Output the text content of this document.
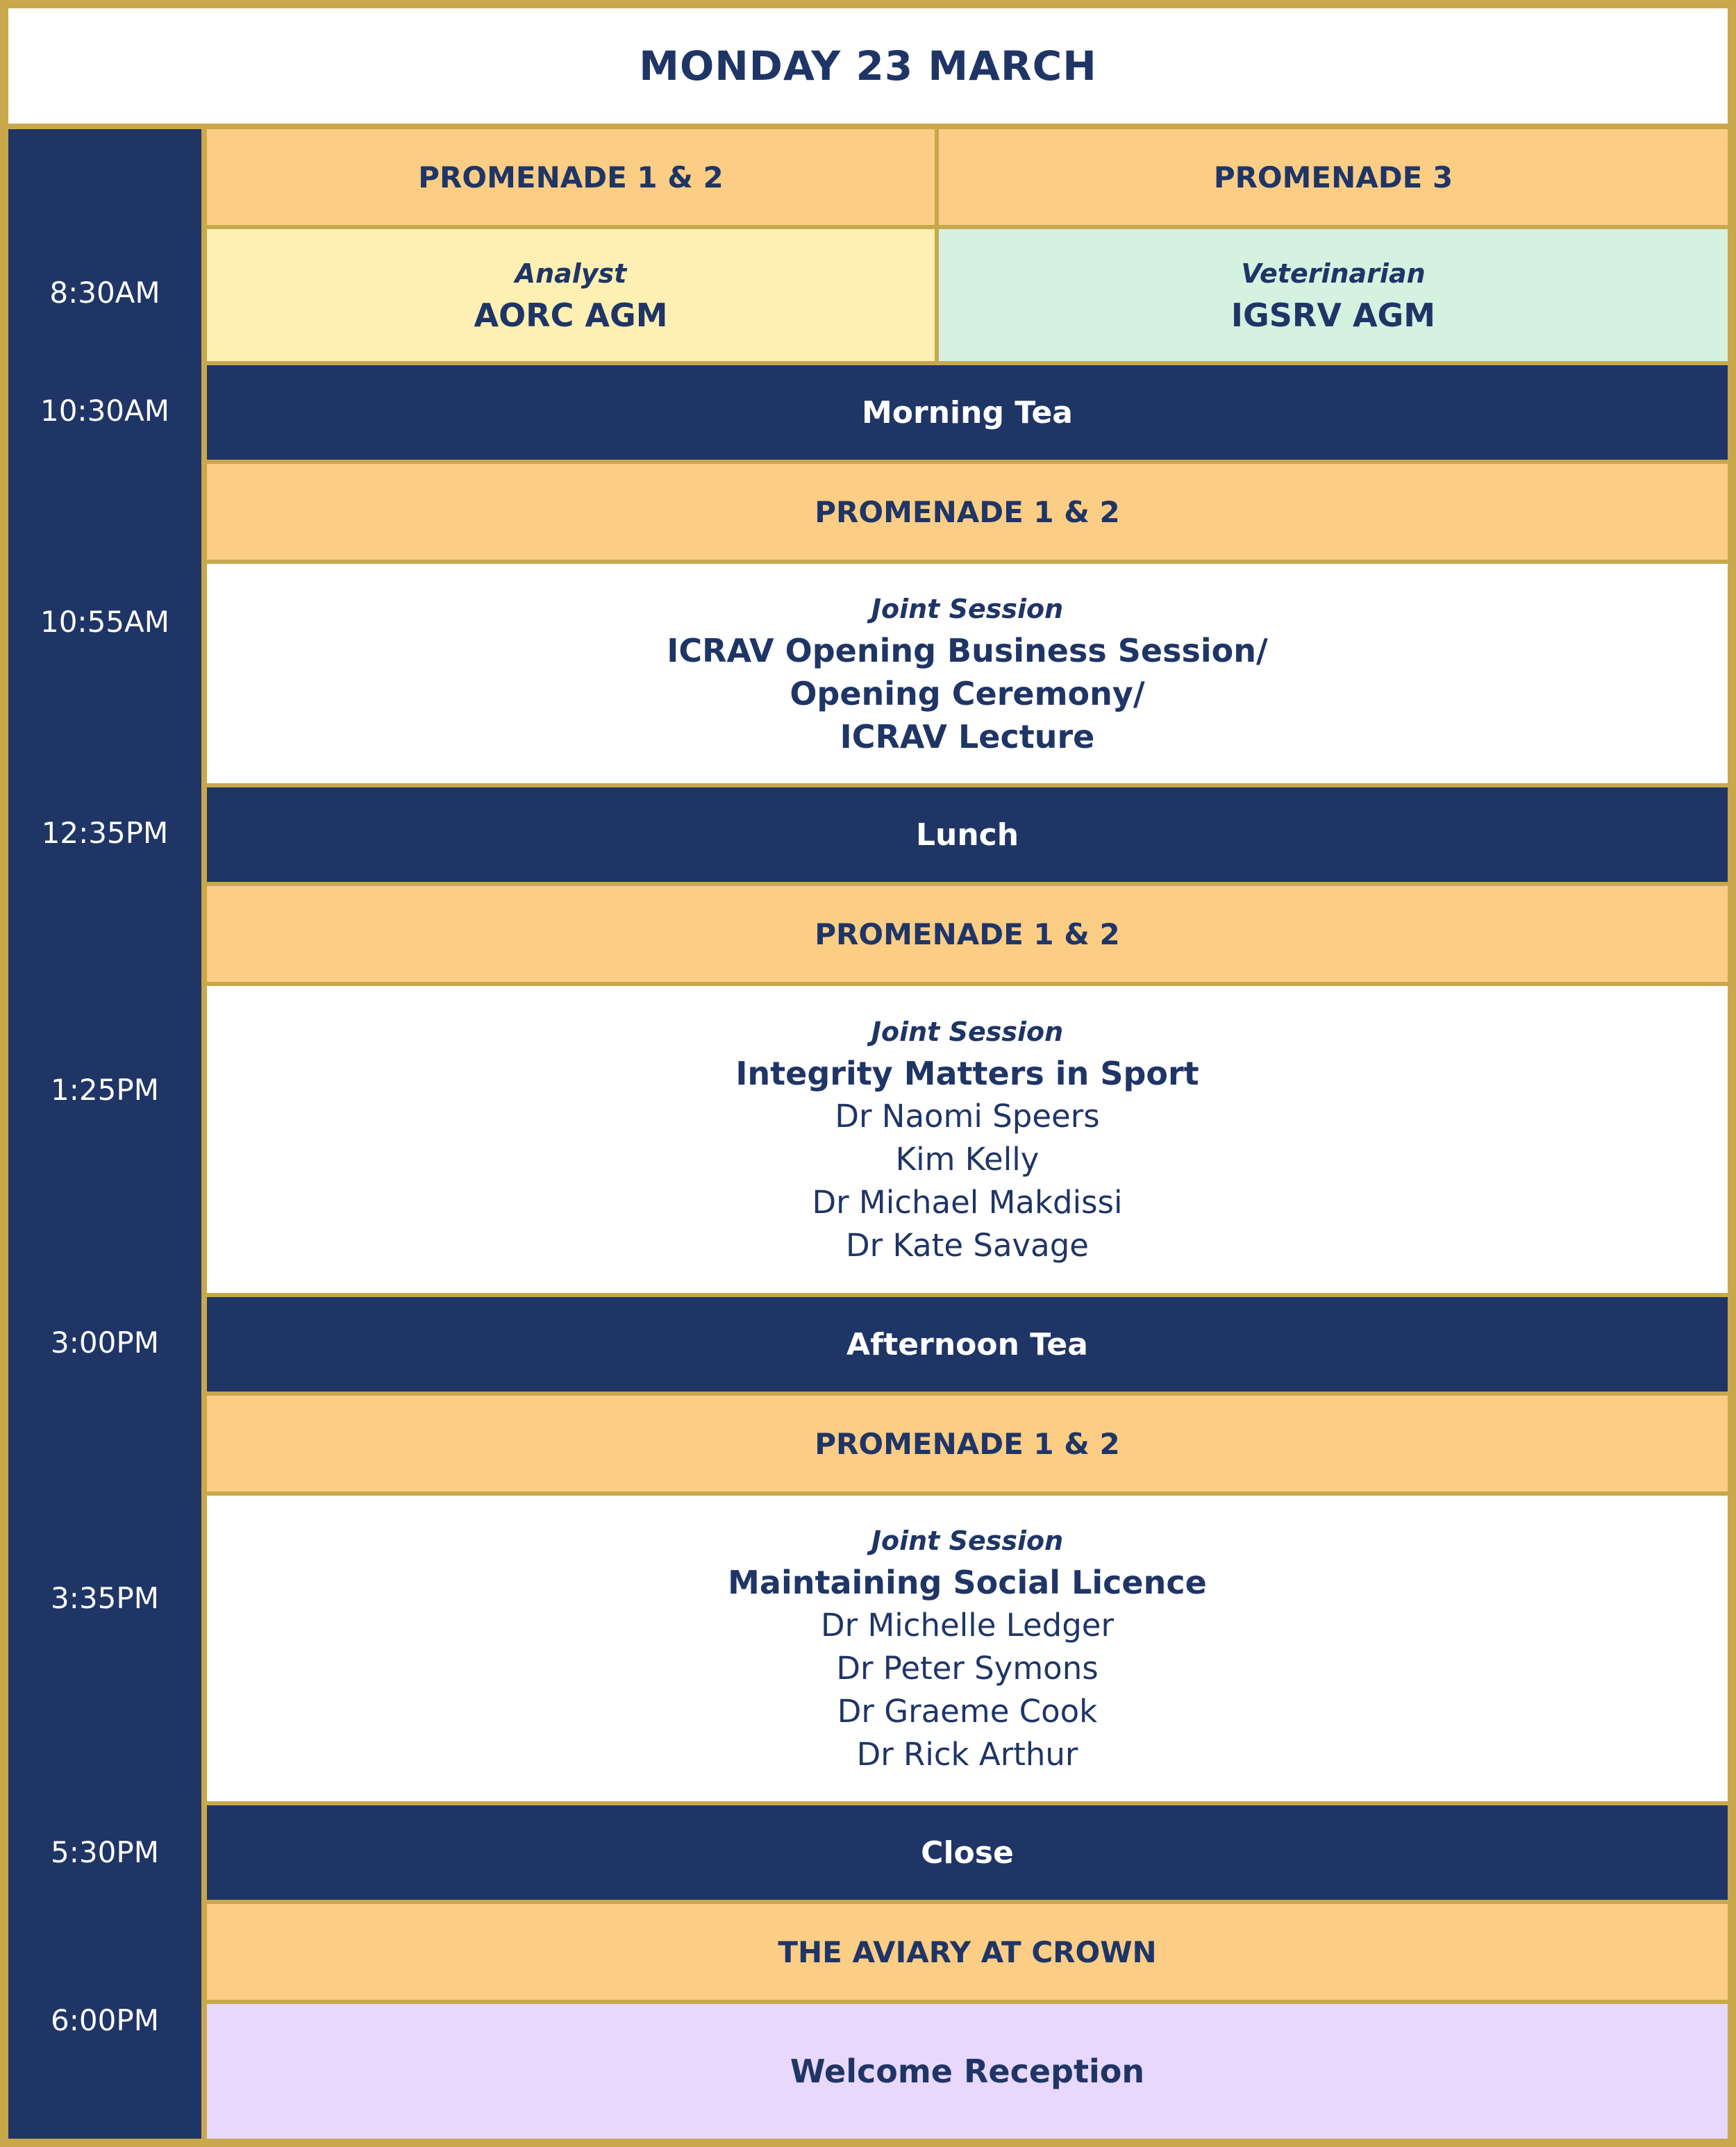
MONDAY 23 MARCH
8:30AM
10:30AM
10:55AM
12:35PM
1:25PM
3:00PM
3:35PM
5:30PM
6:00PM
PROMENADE 1 & 2	PROMENADE 3
Analyst
AORC AGM
Veterinarian
IGSRV AGM
Morning Tea
PROMENADE 1 & 2
Joint Session
ICRAV Opening Business Session/
Opening Ceremony/
ICRAV Lecture
Lunch
PROMENADE 1 & 2
Joint Session
Integrity Matters in Sport
Dr Naomi Speers
Kim Kelly
Dr Michael Makdissi
Dr Kate Savage
Afternoon Tea
PROMENADE 1 & 2
Joint Session
Maintaining Social Licence
Dr Michelle Ledger
Dr Peter Symons
Dr Graeme Cook
Dr Rick Arthur
Close
THE AVIARY AT CROWN
Welcome Reception
